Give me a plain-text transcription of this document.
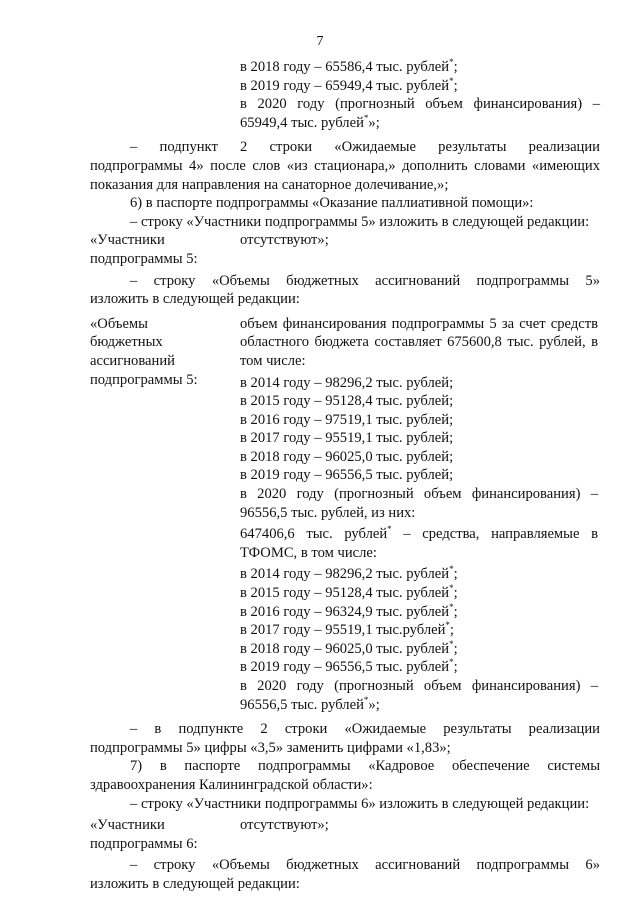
7

в 2018 году – 65586,4 тыс. рублей*;

в 2019 году – 65949,4 тыс. рублей*;

в 2020 году (прогнозный объем финансирования) –

65949,4 тыс. рублей*»;

– подпункт 2 строки «Ожидаемые результаты реализации

подпрограммы 4» после слов «из стационара,» дополнить словами «имеющих

показания для направления на санаторное долечивание,»;

6) в паспорте подпрограммы «Оказание паллиативной помощи»:

– строку «Участники подпрограммы 5» изложить в следующей редакции:

«Участники	отсутствуют»;

подпрограммы 5:

– строку «Объемы бюджетных ассигнований подпрограммы 5»

изложить в следующей редакции:

«Объемы

бюджетных

ассигнований

подпрограммы 5:

объем финансирования подпрограммы 5 за счет средств

областного бюджета составляет 675600,8 тыс. рублей, в

том числе:

в 2014 году – 98296,2 тыс. рублей;

в 2015 году – 95128,4 тыс. рублей;

в 2016 году – 97519,1 тыс. рублей;

в 2017 году – 95519,1 тыс. рублей;

в 2018 году – 96025,0 тыс. рублей;

в 2019 году – 96556,5 тыс. рублей;

в 2020 году (прогнозный объем финансирования) –

96556,5 тыс. рублей, из них:

647406,6 тыс. рублей* – средства, направляемые в

ТФОМС, в том числе:

в 2014 году – 98296,2 тыс. рублей*;

в 2015 году – 95128,4 тыс. рублей*;

в 2016 году – 96324,9 тыс. рублей*;

в 2017 году – 95519,1 тыс.рублей*;

в 2018 году – 96025,0 тыс. рублей*;

в 2019 году – 96556,5 тыс. рублей*;

в 2020 году (прогнозный объем финансирования) –

96556,5 тыс. рублей*»;

– в подпункте 2 строки «Ожидаемые результаты реализации

подпрограммы 5» цифры «3,5» заменить цифрами «1,83»;

7) в паспорте подпрограммы «Кадровое обеспечение системы

здравоохранения Калининградской области»:

– строку «Участники подпрограммы 6» изложить в следующей редакции:

«Участники	отсутствуют»;

подпрограммы 6:

– строку «Объемы бюджетных ассигнований подпрограммы 6»

изложить в следующей редакции:
